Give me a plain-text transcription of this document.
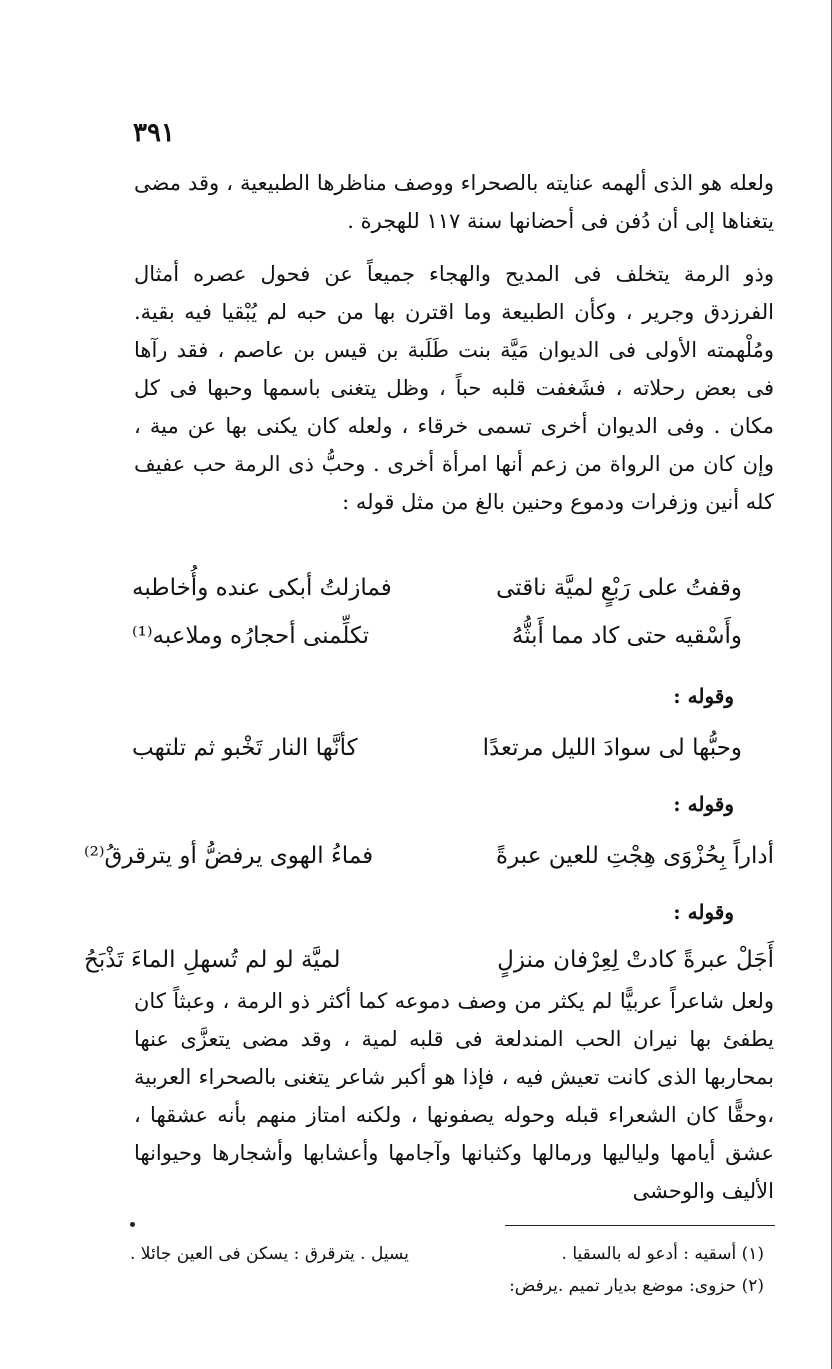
٣٩١
ولعله هو الذى ألهمه عنايته بالصحراء ووصف مناظرها الطبيعية ، وقد مضى يتغناها إلى أن دُفن فى أحضانها سنة ١١٧ للهجرة .
وذو الرمة يتخلف فى المديح والهجاء جميعاً عن فحول عصره أمثال الفرزدق وجرير ، وكأن الطبيعة وما اقترن بها من حبه لم يُبْقيا فيه بقية. ومُلْهمته الأولى فى الديوان مَيَّة بنت طَلَبة بن قيس بن عاصم ، فقد رآها فى بعض رحلاته ، فشَغفت قلبه حباً ، وظل يتغنى باسمها وحبها فى كل مكان . وفى الديوان أخرى تسمى خرقاء ، ولعله كان يكنى بها عن مية ، وإن كان من الرواة من زعم أنها امرأة أخرى . وحبُّ ذى الرمة حب عفيف كله أنين وزفرات ودموع وحنين بالغ من مثل قوله :
وقفتُ على رَبْعٍ لميَّة ناقتى
فمازلتُ أبكى عنده وأُخاطبه
وأَسْقيه حتى كاد مما أَبثُّهُ
تكلِّمنى أحجارُه وملاعبه⁽¹⁾
وقوله :
وحبُّها لى سوادَ الليل مرتعدًا
كأنَّها النار تَخْبو ثم تلتهب
وقوله :
أداراً بِحُزْوَى هِجْتِ للعين عبرةً
فماءُ الهوى يرفضُّ أو يترقرقُ⁽²⁾
وقوله :
أَجَلْ عبرةً كادتْ لِعِرْفان منزلٍ
لميَّة لو لم تُسهلِ الماءَ تَذْبَحُ
ولعل شاعراً عربيًّا لم يكثر من وصف دموعه كما أكثر ذو الرمة ، وعبثاً كان يطفئ بها نيران الحب المندلعة فى قلبه لمية ، وقد مضى يتعزَّى عنها بمحاربها الذى كانت تعيش فيه ، فإذا هو أكبر شاعر يتغنى بالصحراء العربية ،وحقًّا كان الشعراء قبله وحوله يصفونها ، ولكنه امتاز منهم بأنه عشقها ، عشق أيامها ولياليها ورمالها وكثبانها وآجامها وأعشابها وأشجارها وحيوانها الأليف والوحشى
(١) أسقيه : أدعو له بالسقيا .
يسيل . يترقرق : يسكن فى العين جائلا .
(٢) حزوى: موضع بديار تميم .يرفض:
